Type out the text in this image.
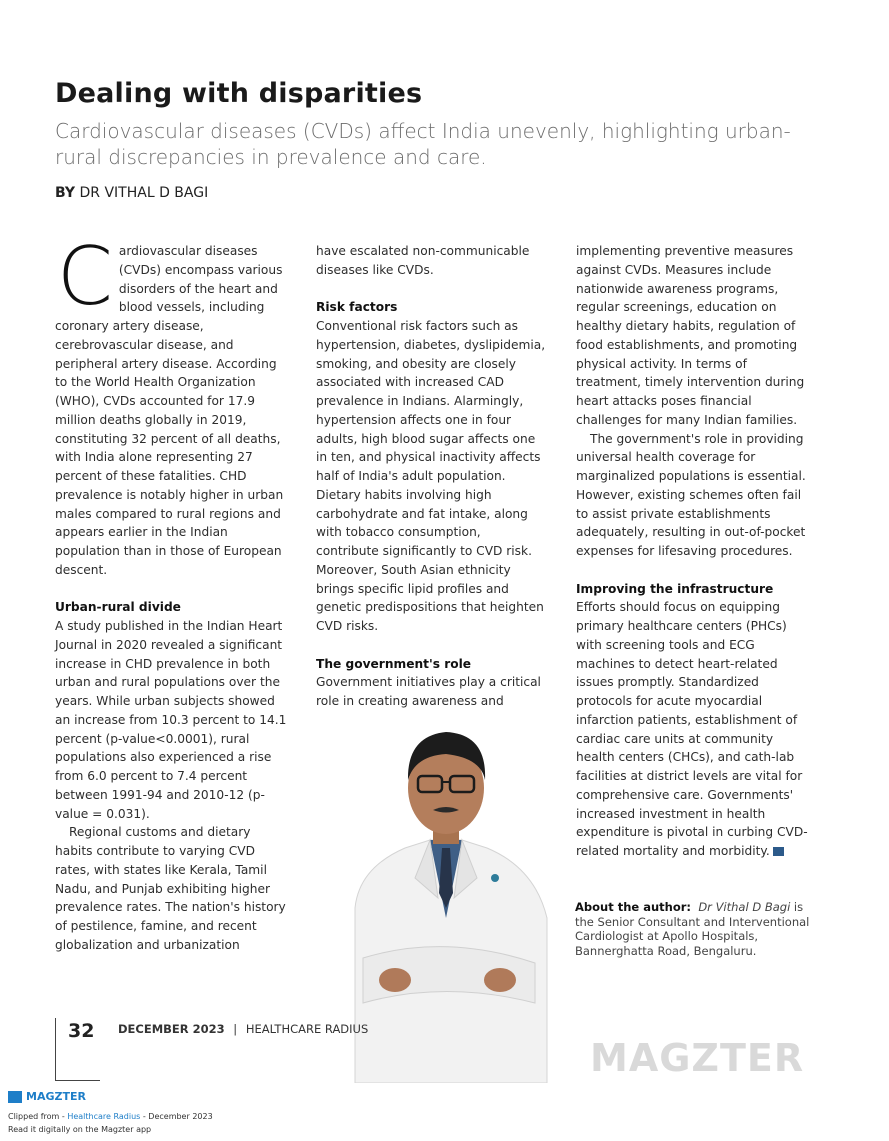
Dealing with disparities
Cardiovascular diseases (CVDs) affect India unevenly, highlighting urban-rural discrepancies in prevalence and care.
BY DR VITHAL D BAGI
C ardiovascular diseases (CVDs) encompass various disorders of the heart and blood vessels, including coronary artery disease, cerebrovascular disease, and peripheral artery disease. According to the World Health Organization (WHO), CVDs accounted for 17.9 million deaths globally in 2019, constituting 32 percent of all deaths, with India alone representing 27 percent of these fatalities. CHD prevalence is notably higher in urban males compared to rural regions and appears earlier in the Indian population than in those of European descent.

Urban-rural divide

A study published in the Indian Heart Journal in 2020 revealed a significant increase in CHD prevalence in both urban and rural populations over the years. While urban subjects showed an increase from 10.3 percent to 14.1 percent (p-value<0.0001), rural populations also experienced a rise from 6.0 percent to 7.4 percent between 1991-94 and 2010-12 (p-value = 0.031).

Regional customs and dietary habits contribute to varying CVD rates, with states like Kerala, Tamil Nadu, and Punjab exhibiting higher prevalence rates. The nation's history of pestilence, famine, and recent globalization and urbanization

have escalated non-communicable diseases like CVDs.

Risk factors

Conventional risk factors such as hypertension, diabetes, dyslipidemia, smoking, and obesity are closely associated with increased CAD prevalence in Indians. Alarmingly, hypertension affects one in four adults, high blood sugar affects one in ten, and physical inactivity affects half of India's adult population. Dietary habits involving high carbohydrate and fat intake, along with tobacco consumption, contribute significantly to CVD risk. Moreover, South Asian ethnicity brings specific lipid profiles and genetic predispositions that heighten CVD risks.

The government's role

Government initiatives play a critical role in creating awareness and

implementing preventive measures against CVDs. Measures include nationwide awareness programs, regular screenings, education on healthy dietary habits, regulation of food establishments, and promoting physical activity. In terms of treatment, timely intervention during heart attacks poses financial challenges for many Indian families.

The government's role in providing universal health coverage for marginalized populations is essential. However, existing schemes often fail to assist private establishments adequately, resulting in out-of-pocket expenses for lifesaving procedures.

Improving the infrastructure

Efforts should focus on equipping primary healthcare centers (PHCs) with screening tools and ECG machines to detect heart-related issues promptly. Standardized protocols for acute myocardial infarction patients, establishment of cardiac care units at community health centers (CHCs), and cath-lab facilities at district levels are vital for comprehensive care. Governments' increased investment in health expenditure is pivotal in curbing CVD-related mortality and morbidity.

About the author: Dr Vithal D Bagi is the Senior Consultant and Interventional Cardiologist at Apollo Hospitals, Bannerghatta Road, Bengaluru.
32 DECEMBER 2023 | HEALTHCARE RADIUS
MAGZTER
MAGZTER
Clipped from - Healthcare Radius - December 2023
Read it digitally on the Magzter app
